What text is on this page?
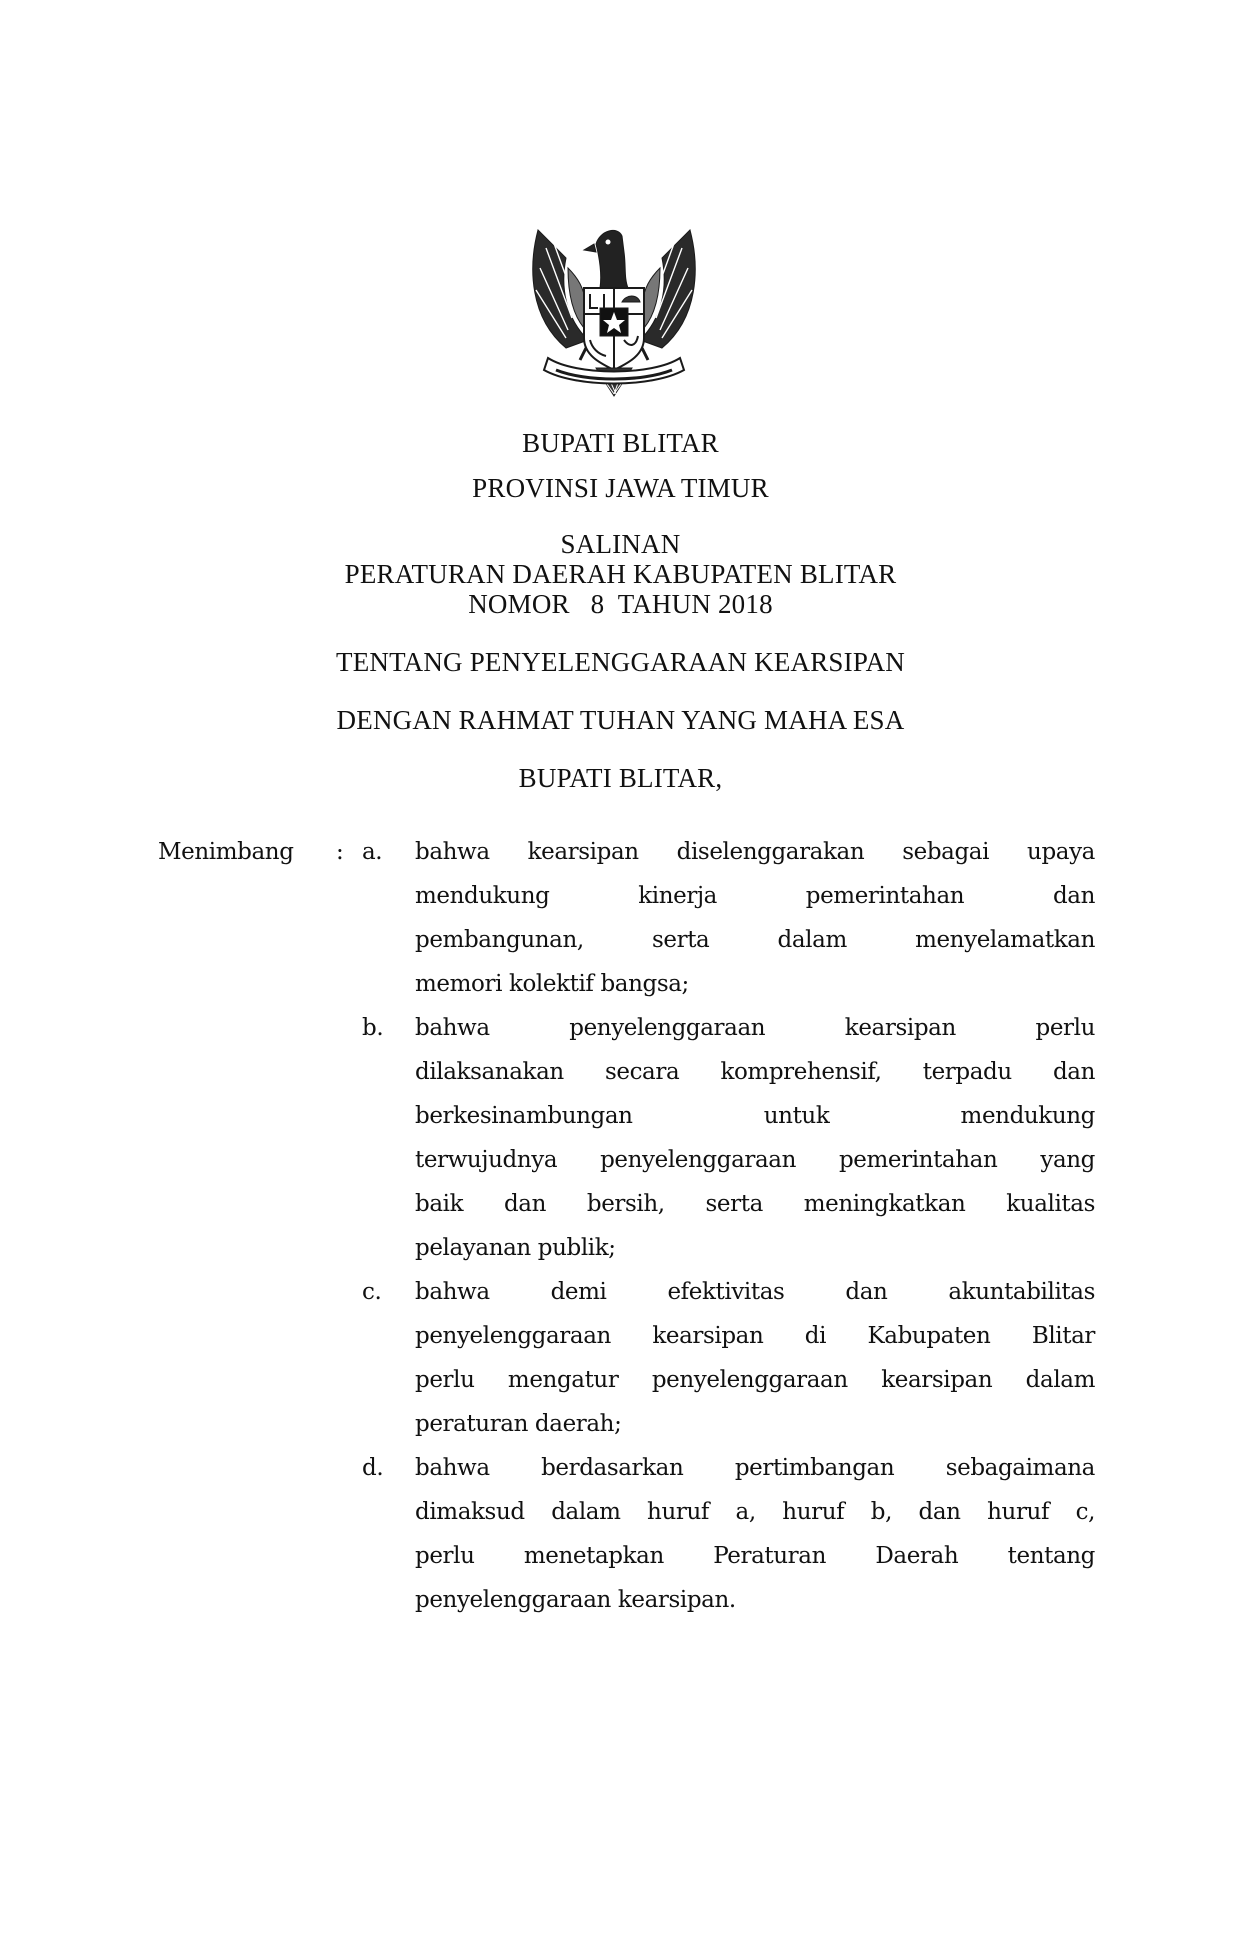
BUPATI BLITAR
PROVINSI JAWA TIMUR
SALINAN
PERATURAN DAERAH KABUPATEN BLITAR
NOMOR   8  TAHUN 2018
TENTANG PENYELENGGARAAN KEARSIPAN
DENGAN RAHMAT TUHAN YANG MAHA ESA
BUPATI BLITAR,
Menimbang : a. bahwa kearsipan diselenggarakan sebagai upaya
mendukung kinerja pemerintahan dan
pembangunan, serta dalam menyelamatkan
memori kolektif bangsa;
b. bahwa penyelenggaraan kearsipan perlu
dilaksanakan secara komprehensif, terpadu dan
berkesinambungan untuk mendukung
terwujudnya penyelenggaraan pemerintahan yang
baik dan bersih, serta meningkatkan kualitas
pelayanan publik;
c. bahwa demi efektivitas dan akuntabilitas
penyelenggaraan kearsipan di Kabupaten Blitar
perlu mengatur penyelenggaraan kearsipan dalam
peraturan daerah;
d. bahwa berdasarkan pertimbangan sebagaimana
dimaksud dalam huruf a, huruf b, dan huruf c,
perlu menetapkan Peraturan Daerah tentang
penyelenggaraan kearsipan.
